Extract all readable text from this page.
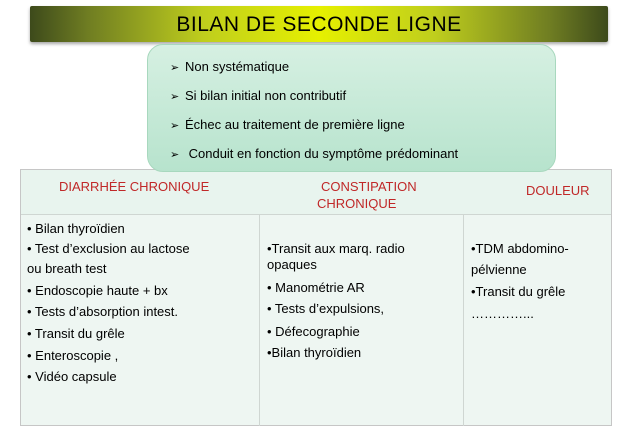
BILAN DE SECONDE LIGNE
➢ Non systématique
➢ Si bilan initial non contributif
➢ Échec au traitement de première ligne
➢ Conduit en fonction du symptôme prédominant
DIARRHÉE CHRONIQUE	CONSTIPATION
CHRONIQUE
DOULEUR
• Bilan thyroïdien
• Test d’exclusion au lactose
ou breath test
• Endoscopie haute + bx
• Tests d’absorption intest.
• Transit du grêle
• Enteroscopie ,
• Vidéo capsule
•Transit aux marq. radio
opaques
• Manométrie AR
• Tests d’expulsions,
• Défecographie
•Bilan thyroïdien
•TDM abdomino-
pélvienne
•Transit du grêle
…………...
